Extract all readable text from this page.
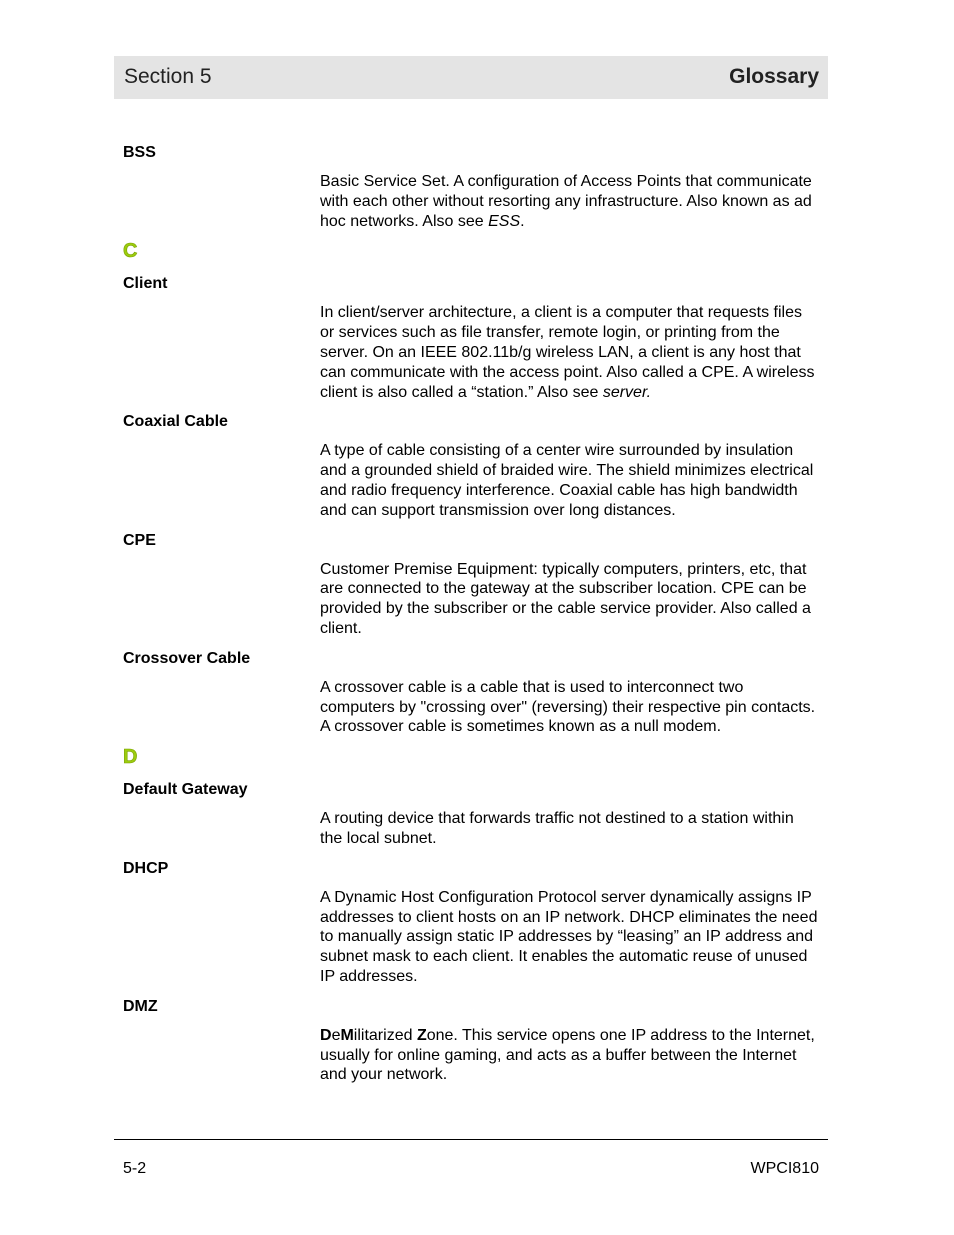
Section 5	Glossary
BSS
Basic Service Set. A configuration of Access Points that communicate with each other without resorting any infrastructure. Also known as ad hoc networks. Also see ESS.
C
Client
In client/server architecture, a client is a computer that requests files or services such as file transfer, remote login, or printing from the server. On an IEEE 802.11b/g wireless LAN, a client is any host that can communicate with the access point. Also called a CPE. A wireless client is also called a “station.” Also see server.
Coaxial Cable
A type of cable consisting of a center wire surrounded by insulation and a grounded shield of braided wire. The shield minimizes electrical and radio frequency interference. Coaxial cable has high bandwidth and can support transmission over long distances.
CPE
Customer Premise Equipment: typically computers, printers, etc, that are connected to the gateway at the subscriber location. CPE can be provided by the subscriber or the cable service provider. Also called a client.
Crossover Cable
A crossover cable is a cable that is used to interconnect two computers by "crossing over" (reversing) their respective pin contacts. A crossover cable is sometimes known as a null modem.
D
Default Gateway
A routing device that forwards traffic not destined to a station within the local subnet.
DHCP
A Dynamic Host Configuration Protocol server dynamically assigns IP addresses to client hosts on an IP network. DHCP eliminates the need to manually assign static IP addresses by “leasing” an IP address and subnet mask to each client. It enables the automatic reuse of unused IP addresses.
DMZ
DeMilitarized Zone. This service opens one IP address to the Internet, usually for online gaming, and acts as a buffer between the Internet and your network.
5-2	WPCI810
